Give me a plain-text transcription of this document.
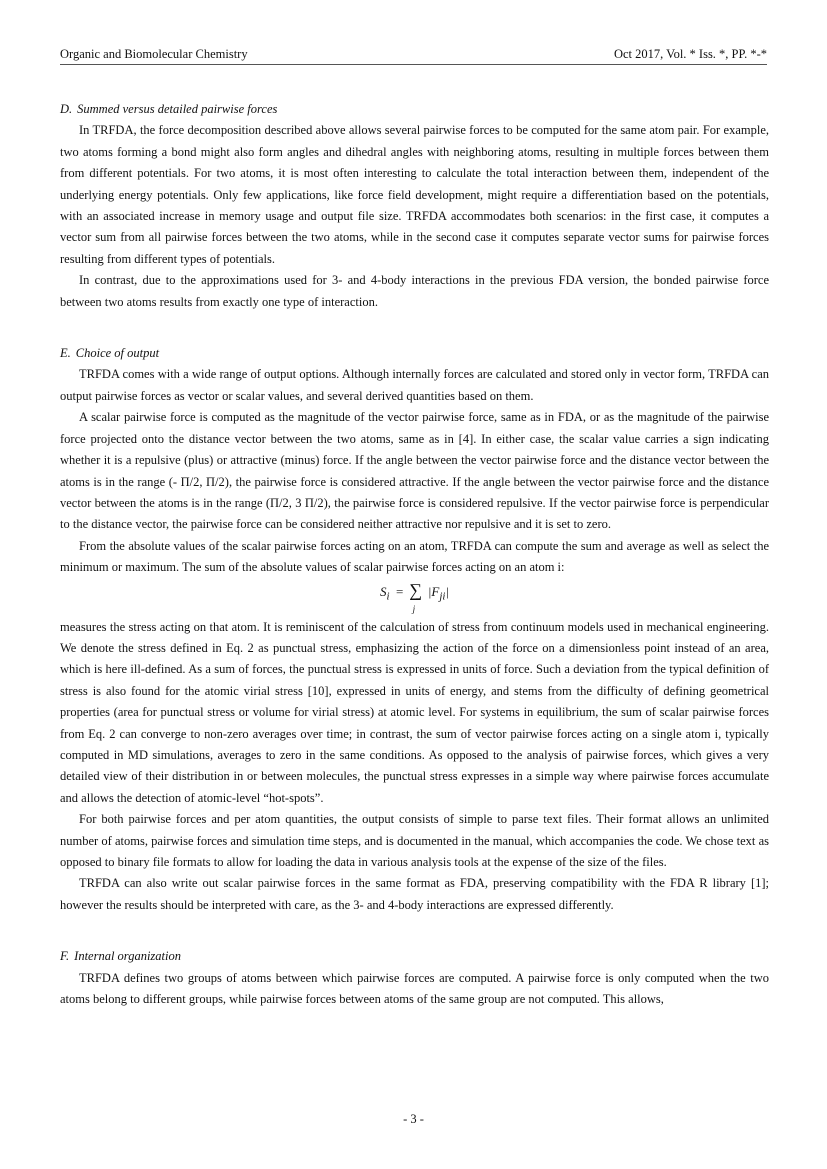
Organic and Biomolecular Chemistry	Oct 2017, Vol. * Iss. *, PP. *-*
D. Summed versus detailed pairwise forces

In TRFDA, the force decomposition described above allows several pairwise forces to be computed for the same atom pair. For example, two atoms forming a bond might also form angles and dihedral angles with neighboring atoms, resulting in multiple forces between them from different potentials. For two atoms, it is most often interesting to calculate the total interaction between them, independent of the underlying energy potentials. Only few applications, like force field development, might require a differentiation based on the potentials, with an associated increase in memory usage and output file size. TRFDA accommodates both scenarios: in the first case, it computes a vector sum from all pairwise forces between the two atoms, while in the second case it computes separate vector sums for pairwise forces resulting from different types of potentials.

In contrast, due to the approximations used for 3- and 4-body interactions in the previous FDA version, the bonded pairwise force between two atoms results from exactly one type of interaction.

E. Choice of output

TRFDA comes with a wide range of output options. Although internally forces are calculated and stored only in vector form, TRFDA can output pairwise forces as vector or scalar values, and several derived quantities based on them.

A scalar pairwise force is computed as the magnitude of the vector pairwise force, same as in FDA, or as the magnitude of the pairwise force projected onto the distance vector between the two atoms, same as in [4]. In either case, the scalar value carries a sign indicating whether it is a repulsive (plus) or attractive (minus) force. If the angle between the vector pairwise force and the distance vector between the atoms is in the range (- Π/2, Π/2), the pairwise force is considered attractive. If the angle between the vector pairwise force and the distance vector between the atoms is in the range (Π/2, 3 Π/2), the pairwise force is considered repulsive. If the vector pairwise force is perpendicular to the distance vector, the pairwise force can be considered neither attractive nor repulsive and it is set to zero.

From the absolute values of the scalar pairwise forces acting on an atom, TRFDA can compute the sum and average as well as select the minimum or maximum. The sum of the absolute values of scalar pairwise forces acting on an atom i:

$S_i$ = ∑
j
$|F_{ji}|$

measures the stress acting on that atom. It is reminiscent of the calculation of stress from continuum models used in mechanical engineering. We denote the stress defined in Eq. 2 as punctual stress, emphasizing the action of the force on a dimensionless point instead of an area, which is here ill-defined. As a sum of forces, the punctual stress is expressed in units of force. Such a deviation from the typical definition of stress is also found for the atomic virial stress [10], expressed in units of energy, and stems from the difficulty of defining geometrical properties (area for punctual stress or volume for virial stress) at atomic level. For systems in equilibrium, the sum of scalar pairwise forces from Eq. 2 can converge to non-zero averages over time; in contrast, the sum of vector pairwise forces acting on a single atom i, typically computed in MD simulations, averages to zero in the same conditions. As opposed to the analysis of pairwise forces, which gives a very detailed view of their distribution in or between molecules, the punctual stress expresses in a simple way where pairwise forces accumulate and allows the detection of atomic-level “hot-spots”.

For both pairwise forces and per atom quantities, the output consists of simple to parse text files. Their format allows an unlimited number of atoms, pairwise forces and simulation time steps, and is documented in the manual, which accompanies the code. We chose text as opposed to binary file formats to allow for loading the data in various analysis tools at the expense of the size of the files.

TRFDA can also write out scalar pairwise forces in the same format as FDA, preserving compatibility with the FDA R library [1]; however the results should be interpreted with care, as the 3- and 4-body interactions are expressed differently.

F. Internal organization

TRFDA defines two groups of atoms between which pairwise forces are computed. A pairwise force is only computed when the two atoms belong to different groups, while pairwise forces between atoms of the same group are not computed. This allows,

- 3 -
